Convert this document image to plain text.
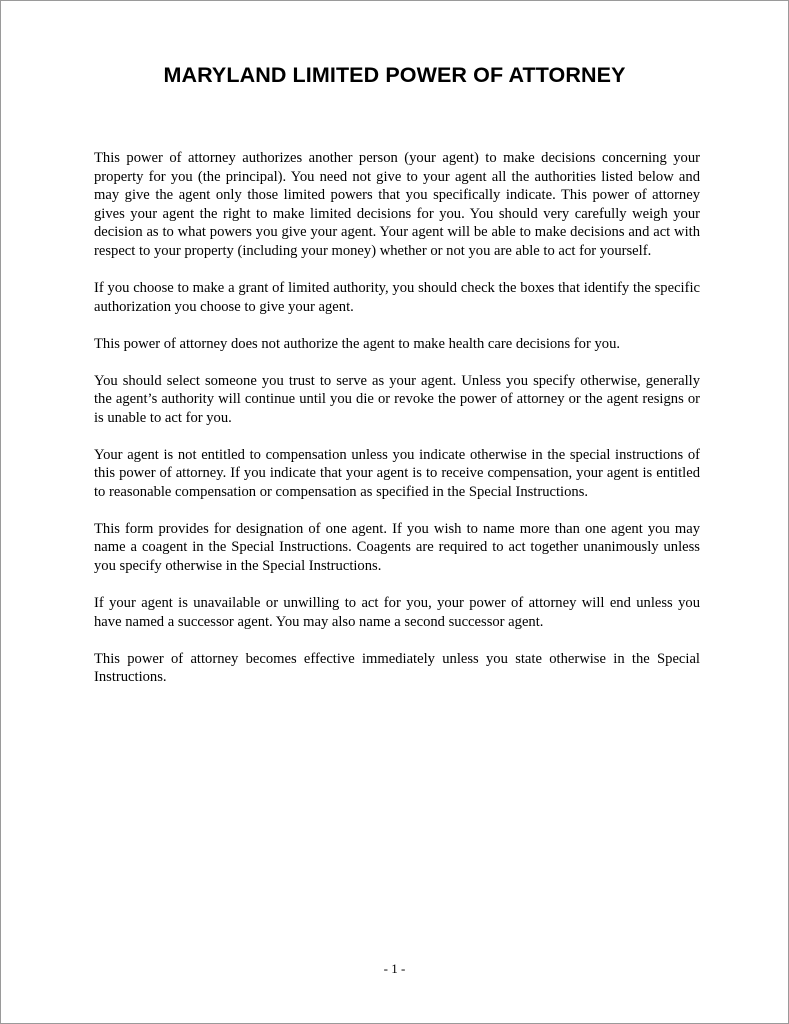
MARYLAND LIMITED POWER OF ATTORNEY

This power of attorney authorizes another person (your agent) to make decisions concerning your property for you (the principal). You need not give to your agent all the authorities listed below and may give the agent only those limited powers that you specifically indicate. This power of attorney gives your agent the right to make limited decisions for you. You should very carefully weigh your decision as to what powers you give your agent. Your agent will be able to make decisions and act with respect to your property (including your money) whether or not you are able to act for yourself.

If you choose to make a grant of limited authority, you should check the boxes that identify the specific authorization you choose to give your agent.

This power of attorney does not authorize the agent to make health care decisions for you.

You should select someone you trust to serve as your agent. Unless you specify otherwise, generally the agent’s authority will continue until you die or revoke the power of attorney or the agent resigns or is unable to act for you.

Your agent is not entitled to compensation unless you indicate otherwise in the special instructions of this power of attorney. If you indicate that your agent is to receive compensation, your agent is entitled to reasonable compensation or compensation as specified in the Special Instructions.

This form provides for designation of one agent. If you wish to name more than one agent you may name a coagent in the Special Instructions. Coagents are required to act together unanimously unless you specify otherwise in the Special Instructions.

If your agent is unavailable or unwilling to act for you, your power of attorney will end unless you have named a successor agent. You may also name a second successor agent.

This power of attorney becomes effective immediately unless you state otherwise in the Special Instructions.

- 1 -
